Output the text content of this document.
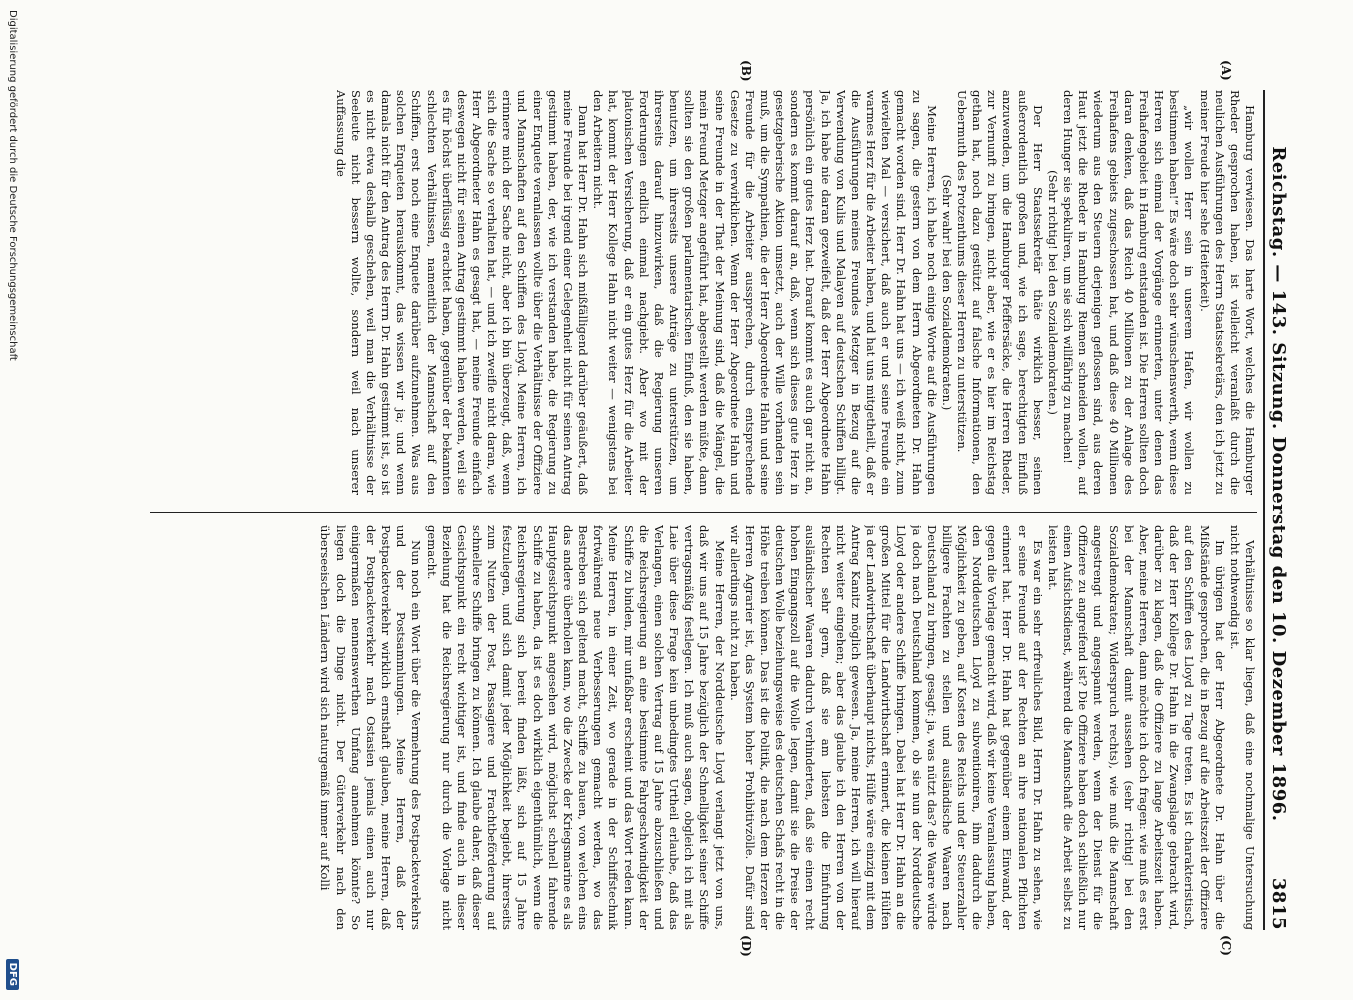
Reichstag. — 143. Sitzung. Donnerstag den 10. Dezember 1896.
3815
(A)
(B)
(C)
(D)

Hamburg verwiesen. Das harte Wort, welches die Hamburger Rheder gesprochen haben, ist vielleicht veranlaßt durch die neulichen Ausführungen des Herrn Staatssekretärs, den ich jetzt zu meiner Freude hier sehe (Heiterkeit).

„wir wollen Herr sein in unserem Hafen, wir wollen zu bestimmen haben!“ Es wäre doch sehr wünschenswerth, wenn diese Herren sich einmal der Vorgänge erinnerten, unter denen das Freihafengebiet in Hamburg entstanden ist. Die Herren sollten doch daran denken, daß das Reich 40 Millionen zu der Anlage des Freihafens gebiets zugeschossen hat, und daß diese 40 Millionen wiederum aus den Steuern derjenigen geflossen sind, aus deren Haut jetzt die Rheder in Hamburg Riemen schneiden wollen, auf deren Hunger sie spekuliren, um sie sich willfährig zu machen!

(Sehr richtig! bei den Sozialdemokraten.)

Der Herr Staatssekretär thäte wirklich besser, seinen außerordentlich großen und, wie ich sage, berechtigten Einfluß anzuwenden, um die Hamburger Pfeffersäcke, die Herren Rheder, zur Vernunft zu bringen, nicht aber, wie er es hier im Reichstag gethan hat, noch dazu gestützt auf falsche Informationen, den Uebermuth des Protzenthums dieser Herren zu unterstützen.

(Sehr wahr! bei den Sozialdemokraten.)

Meine Herren, ich habe noch einige Worte auf die Ausführungen zu sagen, die gestern von dem Herrn Abgeordneten Dr. Hahn gemacht worden sind. Herr Dr. Hahn hat uns — ich weiß nicht, zum wievielten Mal — versichert, daß auch er und seine Freunde ein warmes Herz für die Arbeiter haben, und hat uns mitgetheilt, daß er die Ausführungen meines Freundes Metzger in Bezug auf die Verwendung von Kulis und Malayen auf deutschen Schiffen billigt. Ja, ich habe nie daran gezweifelt, daß der Herr Abgeordnete Hahn persönlich ein gutes Herz hat. Darauf kommt es auch gar nicht an, sondern es kommt darauf an, daß, wenn sich dieses gute Herz in gesetzgeberische Aktion umsetzt, auch der Wille vorhanden sein muß, um die Sympathien, die der Herr Abgeordnete Hahn und seine Freunde für die Arbeiter aussprechen, durch entsprechende Gesetze zu verwirklichen. Wenn der Herr Abgeordnete Hahn und seine Freunde in der That der Meinung sind, daß die Mängel, die mein Freund Metzger angeführt hat, abgestellt werden müßte, dann sollten sie den großen parlamentarischen Einfluß, den sie haben, benutzen, um ihrerseits unsere Anträge zu unterstützen, um ihrerseits darauf hinzuwirken, daß die Regierung unseren Forderungen endlich einmal nachgiebt. Aber wo mit der platonischen Versicherung, daß er ein gutes Herz für die Arbeiter hat, kommt der Herr Kollege Hahn nicht weiter — wenigstens bei den Arbeitern nicht.

Dann hat Herr Dr. Hahn sich mißfälligend darüber geäußert, daß meine Freunde bei irgend einer Gelegenheit nicht für seinen Antrag gestimmt haben, der, wie ich verstanden habe, die Regierung zu einer Enquete veranlassen wollte über die Verhältnisse der Offiziere und Mannschaften auf den Schiffen des Lloyd. Meine Herren, ich erinnere mich der Sache nicht, aber ich bin überzeugt, daß, wenn sich die Sache so verhalten hat, — und ich zweifle nicht daran, wie Herr Abgeordneter Hahn es gesagt hat, — meine Freunde einfach deswegen nicht für seinen Antrag gestimmt haben werden, weil sie es für höchst überflüssig erachtet haben, gegenüber der bekannten schlechten Verhältnissen, namentlich der Mannschaft auf den Schiffen, erst noch eine Enquete darüber aufzunehmen. Was aus solchen Enqueten herauskommt, das wissen wir ja; und wenn damals nicht für den Antrag des Herrn Dr. Hahn gestimmt ist, so ist es nicht etwa deshalb geschehen, weil man die Verhältnisse der Seeleute nicht bessern wollte, sondern weil nach unserer Auffassung die

Verhältnisse so klar liegen, daß eine nochmalige Untersuchung nicht nothwendig ist.

Im übrigen hat der Herr Abgeordnete Dr. Hahn über die Mißstände gesprochen, die in Bezug auf die Arbeitszeit der Offiziere auf den Schiffen des Lloyd zu Tage treten. Es ist charakteristisch, daß der Herr Kollege Dr. Hahn in die Zwangslage gebracht wird, darüber zu klagen, daß die Offiziere zu lange Arbeitszeit haben. Aber, meine Herren, dann möchte ich doch fragen: wie muß es erst bei der Mannschaft damit aussehen (sehr richtig! bei den Sozialdemokraten; Widerspruch rechts), wie muß die Mannschaft angestrengt und angespannt werden, wenn der Dienst für die Offiziere zu angreifend ist? Die Offiziere haben doch schließlich nur einen Aufsichtsdienst, während die Mannschaft die Arbeit selbst zu leisten hat.

Es war ein sehr erfreuliches Bild, Herrn Dr. Hahn zu sehen, wie er seine Freunde auf der Rechten an ihre nationalen Pflichten erinnert hat. Herr Dr. Hahn hat gegenüber einem Einwand, der gegen die Vorlage gemacht wird, daß wir keine Veranlassung haben, den Norddeutschen Lloyd zu subventioniren, ihm dadurch die Möglichkeit zu geben, auf Kosten des Reichs und der Steuerzahler billigere Frachten zu stellen und ausländische Waaren nach Deutschland zu bringen, gesagt: ja, was nützt das? die Waare würde ja doch nach Deutschland kommen, ob sie nun der Norddeutsche Lloyd oder andere Schiffe bringen. Dabei hat Herr Dr. Hahn an die großen Mittel für die Landwirthschaft erinnert, die kleinen Hülfen ja der Landwirthschaft überhaupt nichts, Hülfe wäre einzig mit dem Antrag Kanitz möglich gewesen. Ja, meine Herren, ich will hierauf nicht weiter eingehen; aber das glaube ich den Herren von der Rechten sehr gern, daß sie am liebsten die Einfuhrung ausländischer Waaren dadurch verhinderten, daß sie einen recht hohen Eingangszoll auf die Wolle legen, damit sie die Preise der deutschen Wolle beziehungsweise des deutschen Schafs recht in die Höhe treiben können. Das ist die Politik, die nach dem Herzen der Herren Agrarier ist, das System hoher Prohibitivzölle. Dafür sind wir allerdings nicht zu haben.

Meine Herren, der Norddeutsche Lloyd verlangt jetzt von uns, daß wir uns auf 15 Jahre bezüglich der Schnelligkeit seiner Schiffe vertragsmäßig festlegen. Ich muß auch sagen, obgleich ich mit als Laie über diese Frage kein unbedingtes Urtheil erlaube, daß das Verlangen, einen solchen Vertrag auf 15 Jahre abzuschließen und die Reichsregierung an eine bestimmte Fahrgeschwindigkeit der Schiffe zu binden, mir unfaßbar erscheint und das Wort reden kann. Meine Herren, in einer Zeit, wo gerade in der Schiffstechnik fortwährend neue Verbesserungen gemacht werden, wo das Bestreben sich geltend macht, Schiffe zu bauen, von welchen eins das andere überholen kann, wo die Zwecke der Kriegsmarine es als Hauptgesichtspunkt angesehen wird, möglichst schnell fahrende Schiffe zu haben, da ist es doch wirklich eigenthümlich, wenn die Reichsregierung sich bereit finden läßt, sich auf 15 Jahre festzulegen, und sich damit jeder Möglichkeit begiebt, ihrerseits zum Nutzen der Post, Passagiere und Frachtbeförderung auf schnellere Schiffe bringen zu können. Ich glaube daher, daß dieser Gesichtspunkt ein recht wichtiger ist, und finde auch in dieser Beziehung hat die Reichsregierung nur durch die Vorlage nicht gemacht.

Nun noch ein Wort über die Vermehrung des Postpacketverkehrs und der Postsammlungen. Meine Herren, daß der Postpacketverkehr wirklich ernsthaft glauben, meine Herren, daß der Postpacketverkehr nach Ostasien jemals einen auch nur einigermaßen nennenswerthen Umfang annehmen könnte? So liegen doch die Dinge nicht. Der Güterverkehr nach den überseeischen Ländern wird sich naturgemäß immer auf Kolli

Digitalisierung gefördert durch die Deutsche Forschungsgemeinschaft
DFG
